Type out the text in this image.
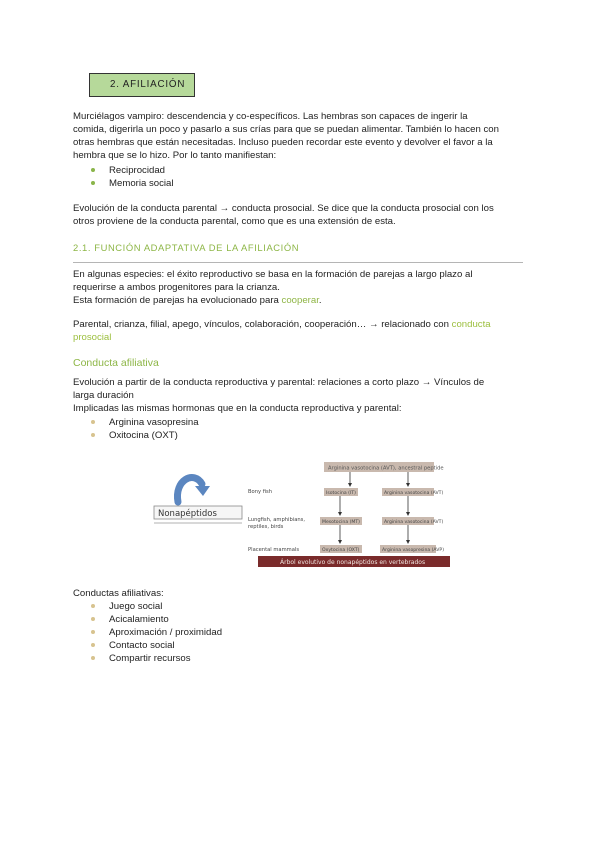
2. AFILIACIÓN
Murciélagos vampiro: descendencia y co-específicos. Las hembras son capaces de ingerir la
comida, digerirla un poco y pasarlo a sus crías para que se puedan alimentar. También lo hacen con
otras hembras que están necesitadas. Incluso pueden recordar este evento y devolver el favor a la
hembra que se lo hizo. Por lo tanto manifiestan:
Reciprocidad
Memoria social
Evolución de la conducta parental → conducta prosocial. Se dice que la conducta prosocial con los
otros proviene de la conducta parental, como que es una extensión de esta.
2.1. FUNCIÓN ADAPTATIVA DE LA AFILIACIÓN
En algunas especies: el éxito reproductivo se basa en la formación de parejas a largo plazo al
requerirse a ambos progenitores para la crianza.
Esta formación de parejas ha evolucionado para cooperar.
Parental, crianza, filial, apego, vínculos, colaboración, cooperación… → relacionado con conducta
prosocial
Conducta afiliativa
Evolución a partir de la conducta reproductiva y parental: relaciones a corto plazo → Vínculos de
larga duración
Implicadas las mismas hormonas que en la conducta reproductiva y parental:
Arginina vasopresina
Oxitocina (OXT)
Nonapéptidos
Arginina vasotocina (AVT), ancestral peptide
Bony fish	Isotocina (IT)	Arginina vasotocina (AVT)
Lungfish, amphibians,
reptiles, birds
Mesotocina (MT)	Arginina vasotocina (AVT)
Placental mammals	Oxytocina (OXT)	Arginina vasopresina (AVP)
Árbol evolutivo de nonapéptidos en vertebrados
Conductas afiliativas:
Juego social
Acicalamiento
Aproximación / proximidad
Contacto social
Compartir recursos
